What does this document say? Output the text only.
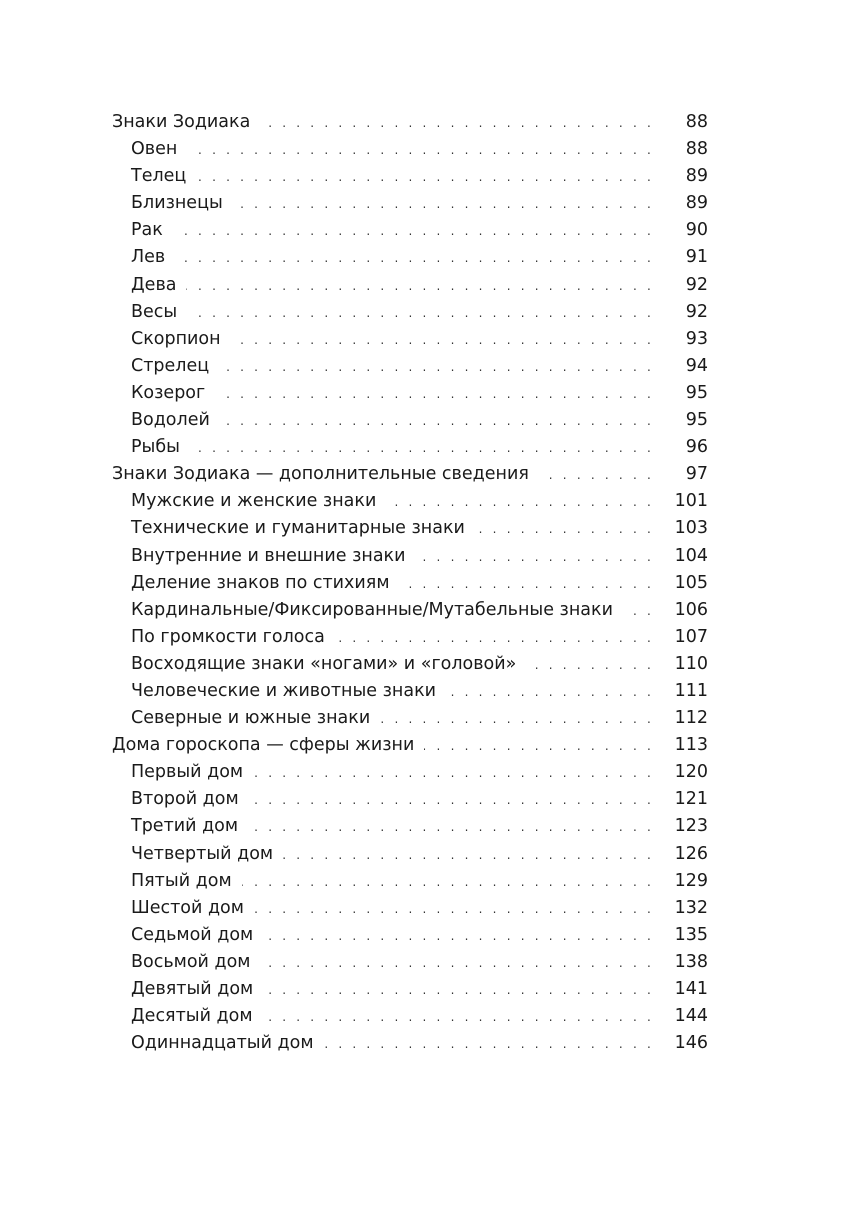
Знаки Зодиака . . .	88
Овен . . .	88
Телец . . .	89
Близнецы . . .	89
Рак . . .	90
Лев . . .	91
Дева . . .	92
Весы . . .	92
Скорпион . . .	93
Стрелец . . .	94
Козерог . . .	95
Водолей . . .	95
Рыбы . . .	96
Знаки Зодиака — дополнительные сведения . . .	97
Мужские и женские знаки . . .	101
Технические и гуманитарные знаки . . .	103
Внутренние и внешние знаки . . .	104
Деление знаков по стихиям . . .	105
Кардинальные/Фиксированные/Мутабельные знаки . . .	106
По громкости голоса . . .	107
Восходящие знаки «ногами» и «головой» . . .	110
Человеческие и животные знаки . . .	111
Северные и южные знаки . . .	112
Дома гороскопа — сферы жизни . . .	113
Первый дом . . .	120
Второй дом . . .	121
Третий дом . . .	123
Четвертый дом . . .	126
Пятый дом . . .	129
Шестой дом . . .	132
Седьмой дом . . .	135
Восьмой дом . . .	138
Девятый дом . . .	141
Десятый дом . . .	144
Одиннадцатый дом . . .	146
